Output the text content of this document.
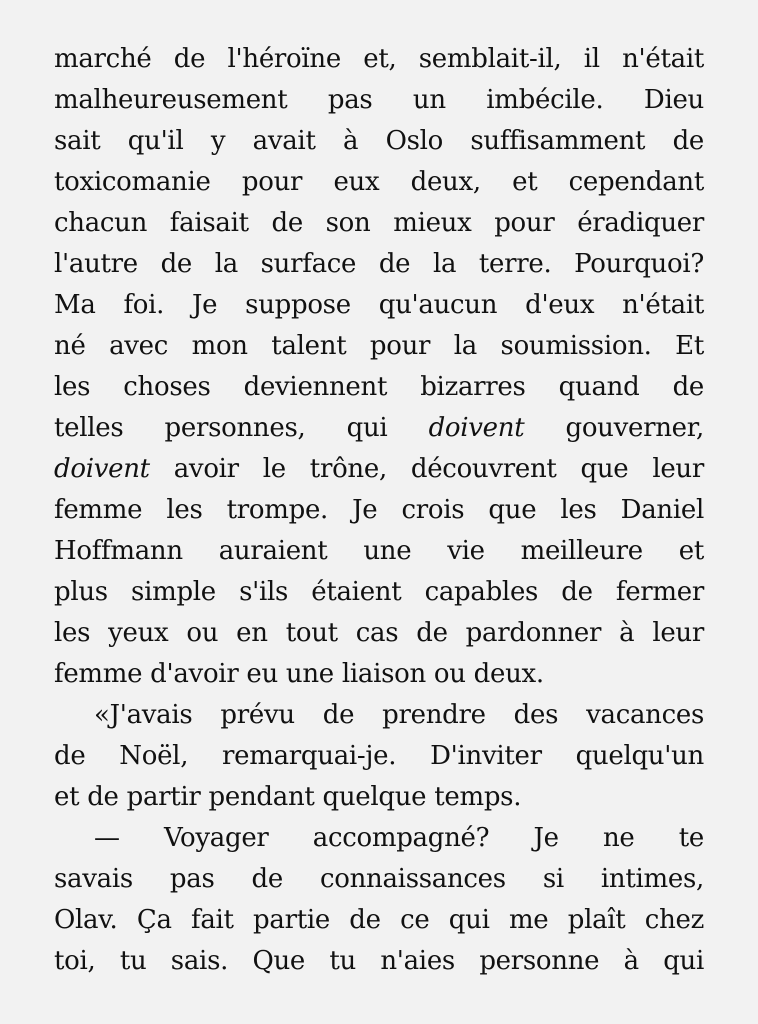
marché de l'héroïne et, semblait-il, il n'était
malheureusement pas un imbécile. Dieu
sait qu'il y avait à Oslo suffisamment de
toxicomanie pour eux deux, et cependant
chacun faisait de son mieux pour éradiquer
l'autre de la surface de la terre. Pourquoi?
Ma foi. Je suppose qu'aucun d'eux n'était
né avec mon talent pour la soumission. Et
les choses deviennent bizarres quand de
telles personnes, qui doivent gouverner,
doivent avoir le trône, découvrent que leur
femme les trompe. Je crois que les Daniel
Hoffmann auraient une vie meilleure et
plus simple s'ils étaient capables de fermer
les yeux ou en tout cas de pardonner à leur
femme d'avoir eu une liaison ou deux.
«J'avais prévu de prendre des vacances
de Noël, remarquai-je. D'inviter quelqu'un
et de partir pendant quelque temps.
— Voyager accompagné? Je ne te
savais pas de connaissances si intimes,
Olav. Ça fait partie de ce qui me plaît chez
toi, tu sais. Que tu n'aies personne à qui
